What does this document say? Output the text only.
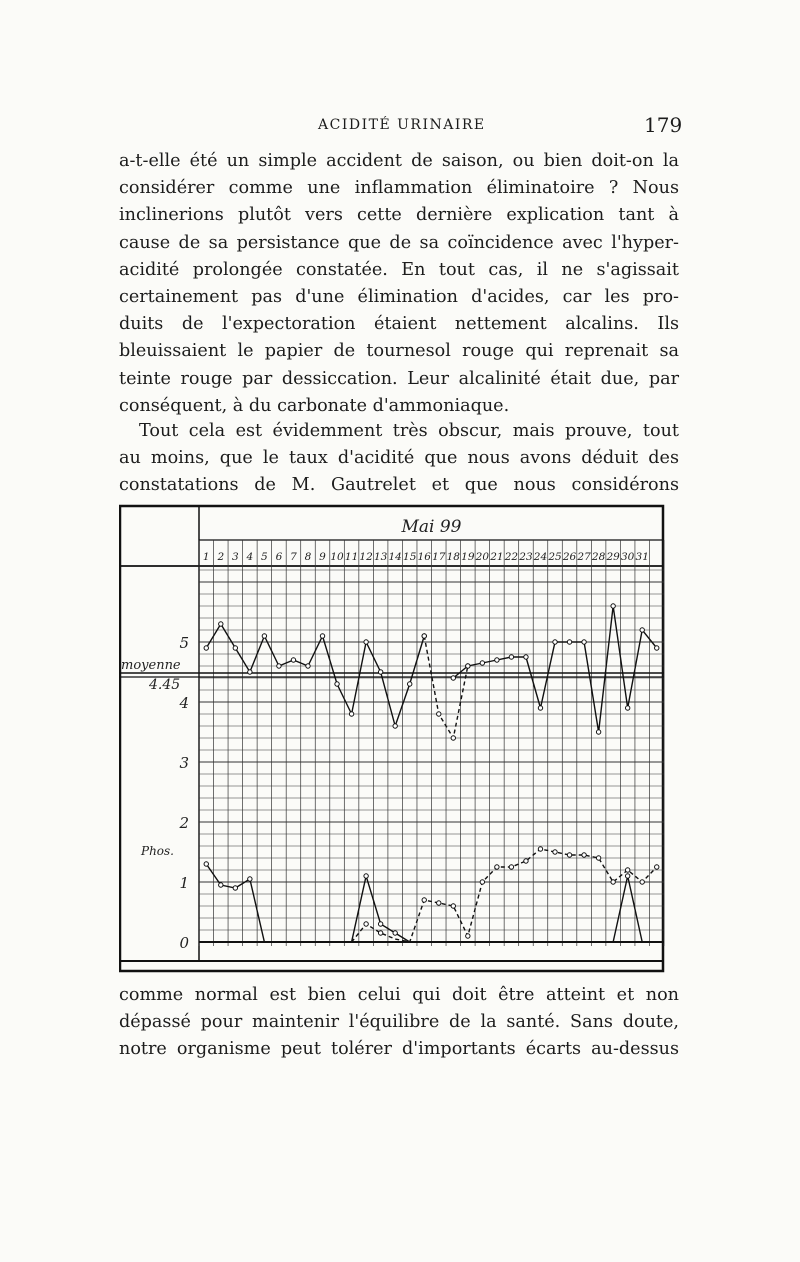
ACIDITÉ URINAIRE	179

a-t-elle été un simple accident de saison, ou bien doit-on la
considérer comme une inflammation éliminatoire ? Nous
inclinerions plutôt vers cette dernière explication tant à
cause de sa persistance que de sa coïncidence avec l'hyper-
acidité prolongée constatée. En tout cas, il ne s'agissait
certainement pas d'une élimination d'acides, car les pro-
duits de l'expectoration étaient nettement alcalins. Ils
bleuissaient le papier de tournesol rouge qui reprenait sa
teinte rouge par dessiccation. Leur alcalinité était due, par
conséquent, à du carbonate d'ammoniaque.

Tout cela est évidemment très obscur, mais prouve, tout
au moins, que le taux d'acidité que nous avons déduit des
constatations de M. Gautrelet et que nous considérons

Mai 99
1 2 3 4 5 6 7 8 9 10 11 12 13 14 15 16 17 18 19 20 21 22 23 24 25 26 27 28 29 30 31
5
4
3
2
1
0
moyenne
4.45
Phos.

comme normal est bien celui qui doit être atteint et non
dépassé pour maintenir l'équilibre de la santé. Sans doute,
notre organisme peut tolérer d'importants écarts au-dessus
